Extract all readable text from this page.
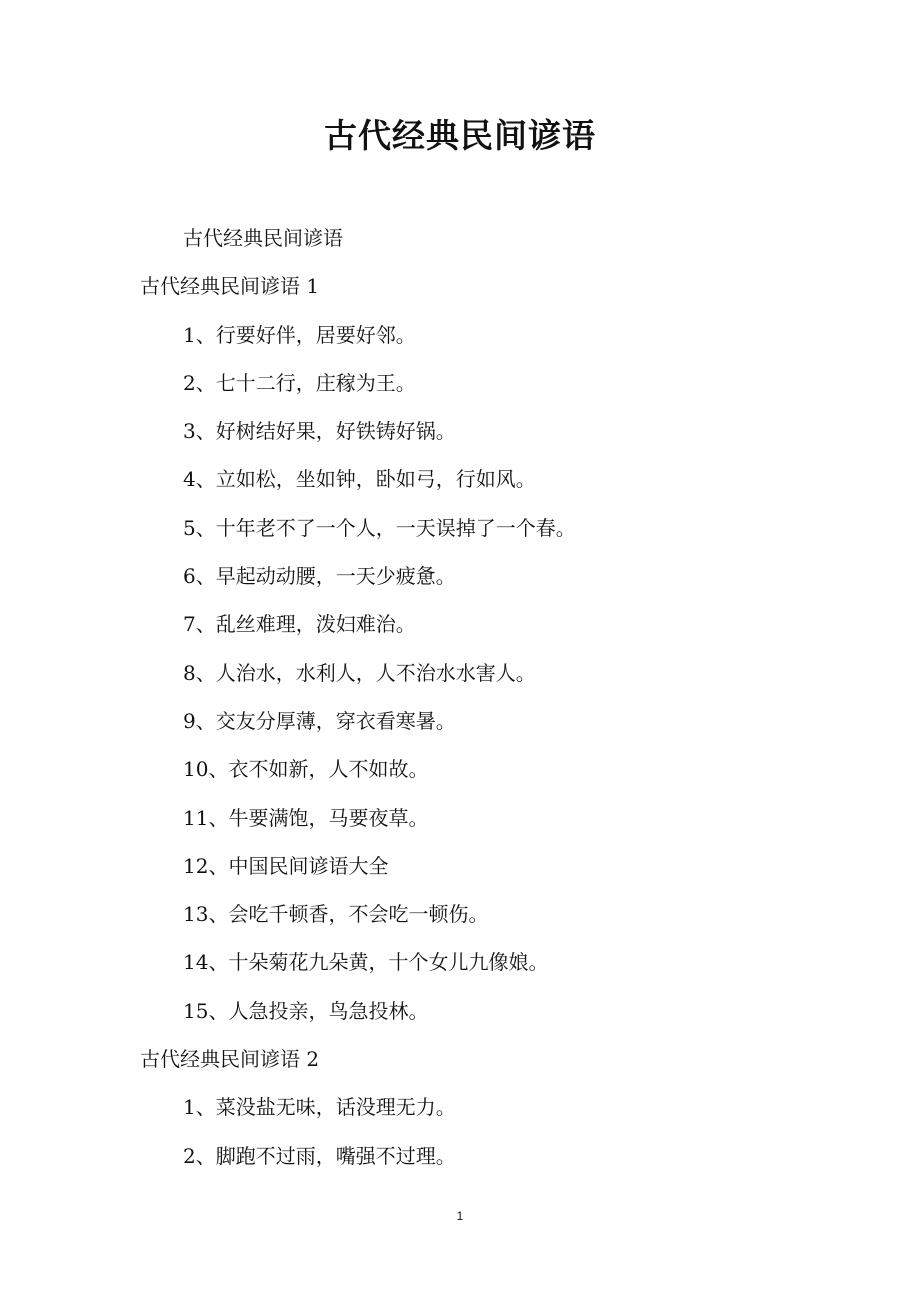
古代经典民间谚语
古代经典民间谚语
古代经典民间谚语 1
1、行要好伴，居要好邻。
2、七十二行，庄稼为王。
3、好树结好果，好铁铸好锅。
4、立如松，坐如钟，卧如弓，行如风。
5、十年老不了一个人，一天误掉了一个春。
6、早起动动腰，一天少疲惫。
7、乱丝难理，泼妇难治。
8、人治水，水利人，人不治水水害人。
9、交友分厚薄，穿衣看寒暑。
10、衣不如新，人不如故。
11、牛要满饱，马要夜草。
12、中国民间谚语大全
13、会吃千顿香，不会吃一顿伤。
14、十朵菊花九朵黄，十个女儿九像娘。
15、人急投亲，鸟急投林。
古代经典民间谚语 2
1、菜没盐无味，话没理无力。
2、脚跑不过雨，嘴强不过理。
1
